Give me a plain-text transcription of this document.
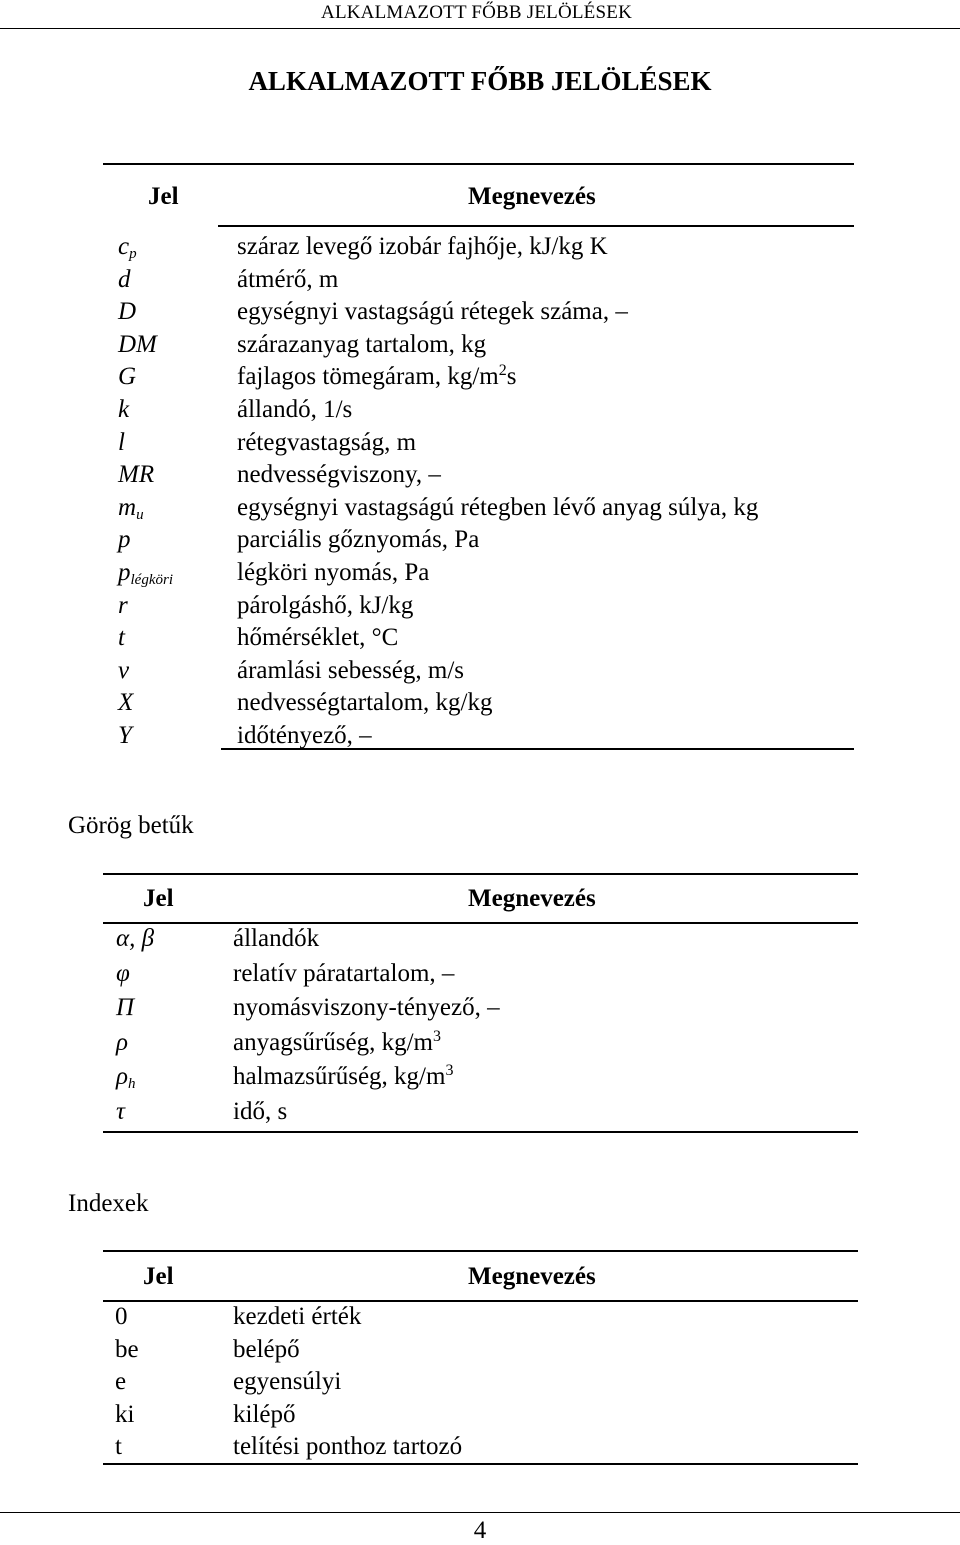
ALKALMAZOTT FŐBB JELÖLÉSEK
ALKALMAZOTT FŐBB JELÖLÉSEK
Jel	Megnevezés
$c_p$	száraz levegő izobár fajhője, kJ/kg K
d	átmérő, m
D	egységnyi vastagságú rétegek száma, –
DM	szárazanyag tartalom, kg
G	fajlagos tömegáram, $kg/m^2s$
k	állandó, 1/s
l	rétegvastagság, m
MR	nedvességviszony, –
$m_u$	egységnyi vastagságú rétegben lévő anyag súlya, kg
p	parciális gőznyomás, Pa
$p_{légköri}$	légköri nyomás, Pa
r	párolgáshő, kJ/kg
t	hőmérséklet, °C
v	áramlási sebesség, m/s
X	nedvességtartalom, kg/kg
Y	időtényező, –
Görög betűk
Jel	Megnevezés
α, β	állandók
φ	relatív páratartalom, –
Π	nyomásviszony-tényező, –
ρ	anyagsűrűség, $kg/m^3$
$\rho_h$	halmazsűrűség, $kg/m^3$
τ	idő, s
Indexek
Jel	Megnevezés
0	kezdeti érték
be	belépő
e	egyensúlyi
ki	kilépő
t	telítési ponthoz tartozó
4
